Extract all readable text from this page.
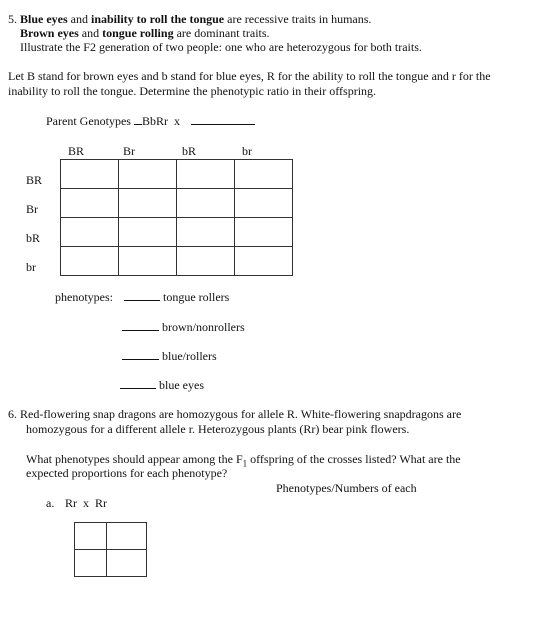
5. Blue eyes and inability to roll the tongue are recessive traits in humans.
Brown eyes and tongue rolling are dominant traits.
Illustrate the F2 generation of two people: one who are heterozygous for both traits.
Let B stand for brown eyes and b stand for blue eyes, R for the ability to roll the tongue and r for the
inability to roll the tongue. Determine the phenotypic ratio in their offspring.
Parent Genotypes BbRr x
BR	Br	bR	br
BR
Br
bR
br

phenotypes:	tongue rollers
brown/nonrollers
blue/rollers
blue eyes
6. Red-flowering snap dragons are homozygous for allele R. White-flowering snapdragons are
homozygous for a different allele r. Heterozygous plants (Rr) bear pink flowers.
What phenotypes should appear among the $F_1$ offspring of the crosses listed? What are the
expected proportions for each phenotype?
Phenotypes/Numbers of each
a. Rr  x  Rr
